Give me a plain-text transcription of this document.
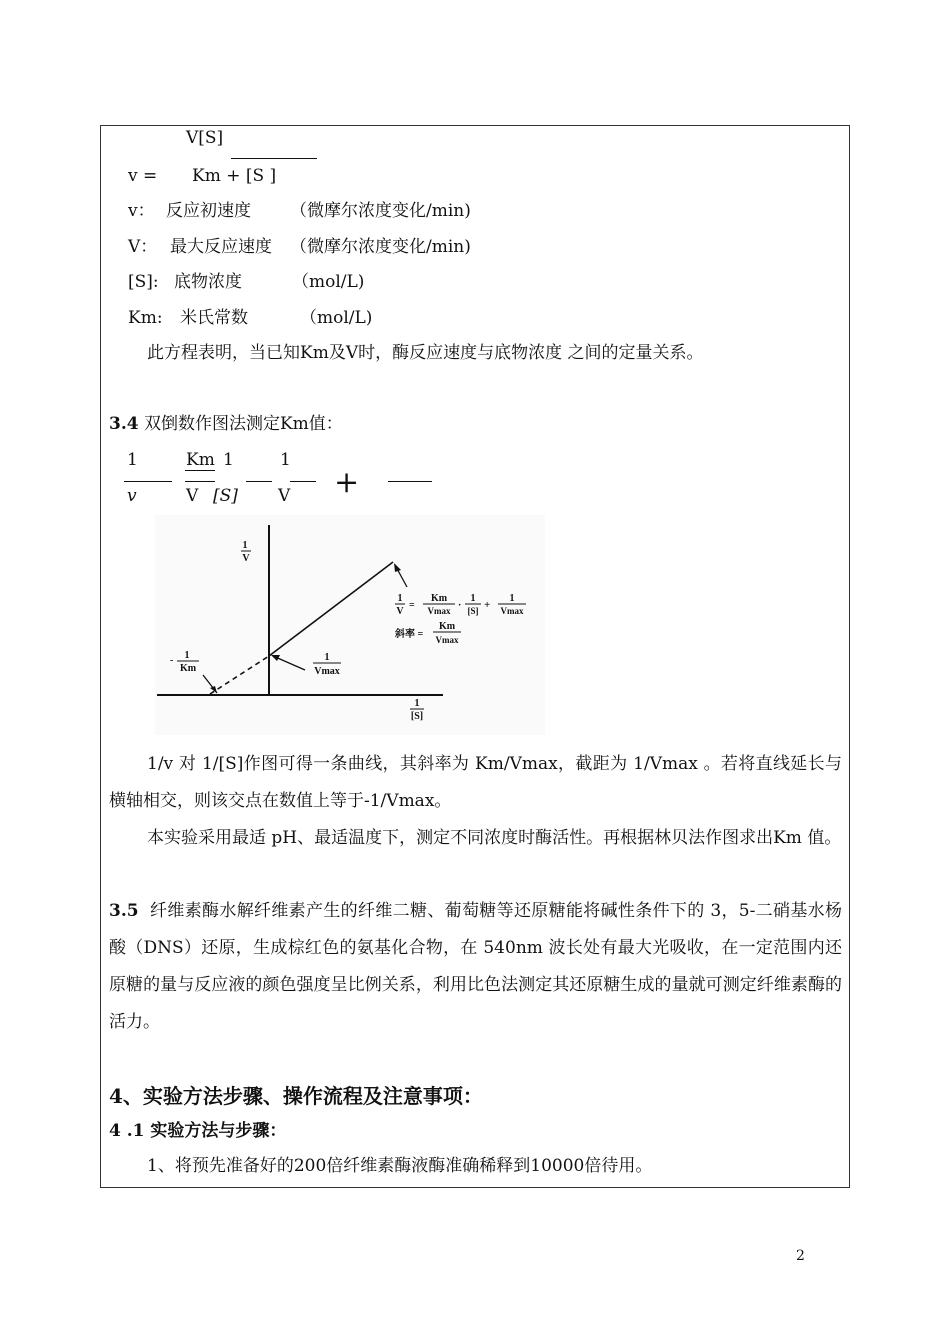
V[S]
v = Km + [S ]
v： 反应初速度 （微摩尔浓度变化/min)
V： 最大反应速度 （微摩尔浓度变化/min)
[S]: 底物浓度	（mol/L)
Km: 米氏常数	（mol/L)
此方程表明，当已知Km及V时，酶反应速度与底物浓度 之间的定量关系。
3.4 双倒数作图法测定Km值：
1
v
Km 1
V [S]
1
V +
1
V
1
[S]
- 1
Km
1
Vmax
1
V
=
Km
Vmax ·
1
[S] +
1
Vmax
斜率 =
Km
Vmax
1/v 对 1/[S]作图可得一条曲线，其斜率为 Km/Vmax，截距为 1/Vmax 。若将直线延长与横轴相交，则该交点在数值上等于-1/Vmax。
本实验采用最适 pH、最适温度下，测定不同浓度时酶活性。再根据林贝法作图求出Km 值。
3.5 纤维素酶水解纤维素产生的纤维二糖、葡萄糖等还原糖能将碱性条件下的 3，5-二硝基水杨酸（DNS）还原，生成棕红色的氨基化合物，在 540nm 波长处有最大光吸收，在一定范围内还原糖的量与反应液的颜色强度呈比例关系，利用比色法测定其还原糖生成的量就可测定纤维素酶的活力。
4、实验方法步骤、操作流程及注意事项：
4 .1 实验方法与步骤：
1、将预先准备好的200倍纤维素酶液酶准确稀释到10000倍待用。
2
